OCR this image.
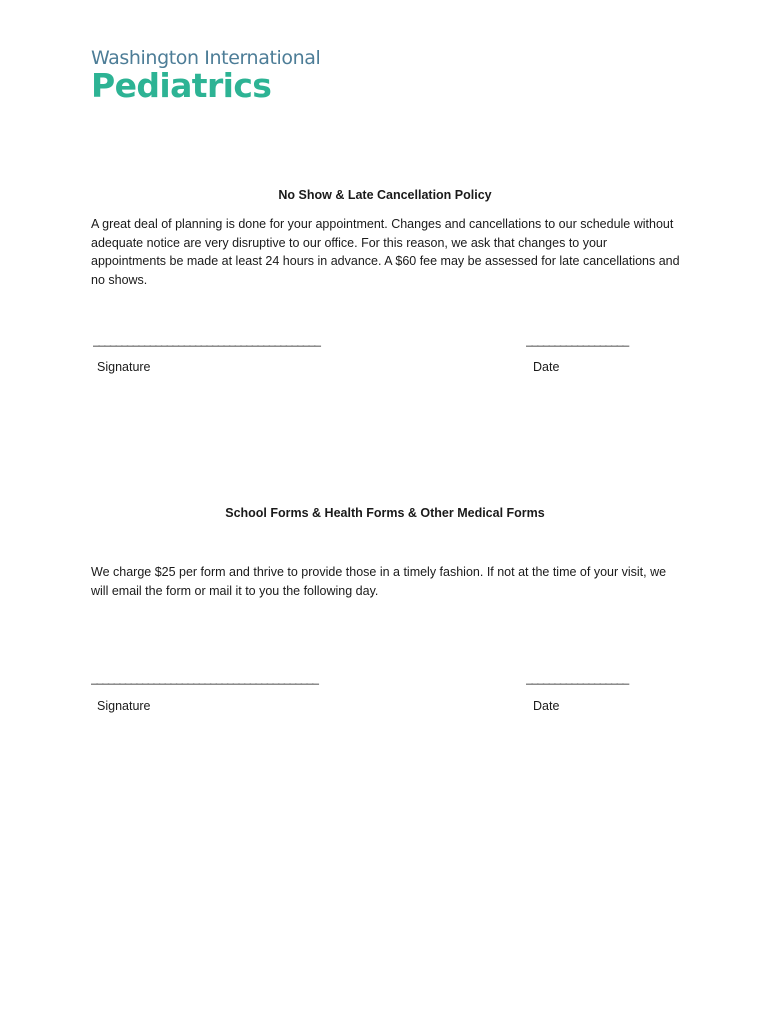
Washington International
Pediatrics
No Show & Late Cancellation Policy
A great deal of planning is done for your appointment. Changes and cancellations to our schedule without adequate notice are very disruptive to our office. For this reason, we ask that changes to your appointments be made at least 24 hours in advance. A $60 fee may be assessed for late cancellations and no shows.
________________________________________	__________________
Signature	Date
School Forms & Health Forms & Other Medical Forms
We charge $25 per form and thrive to provide those in a timely fashion. If not at the time of your visit, we will email the form or mail it to you the following day.
________________________________________	__________________
Signature	Date
